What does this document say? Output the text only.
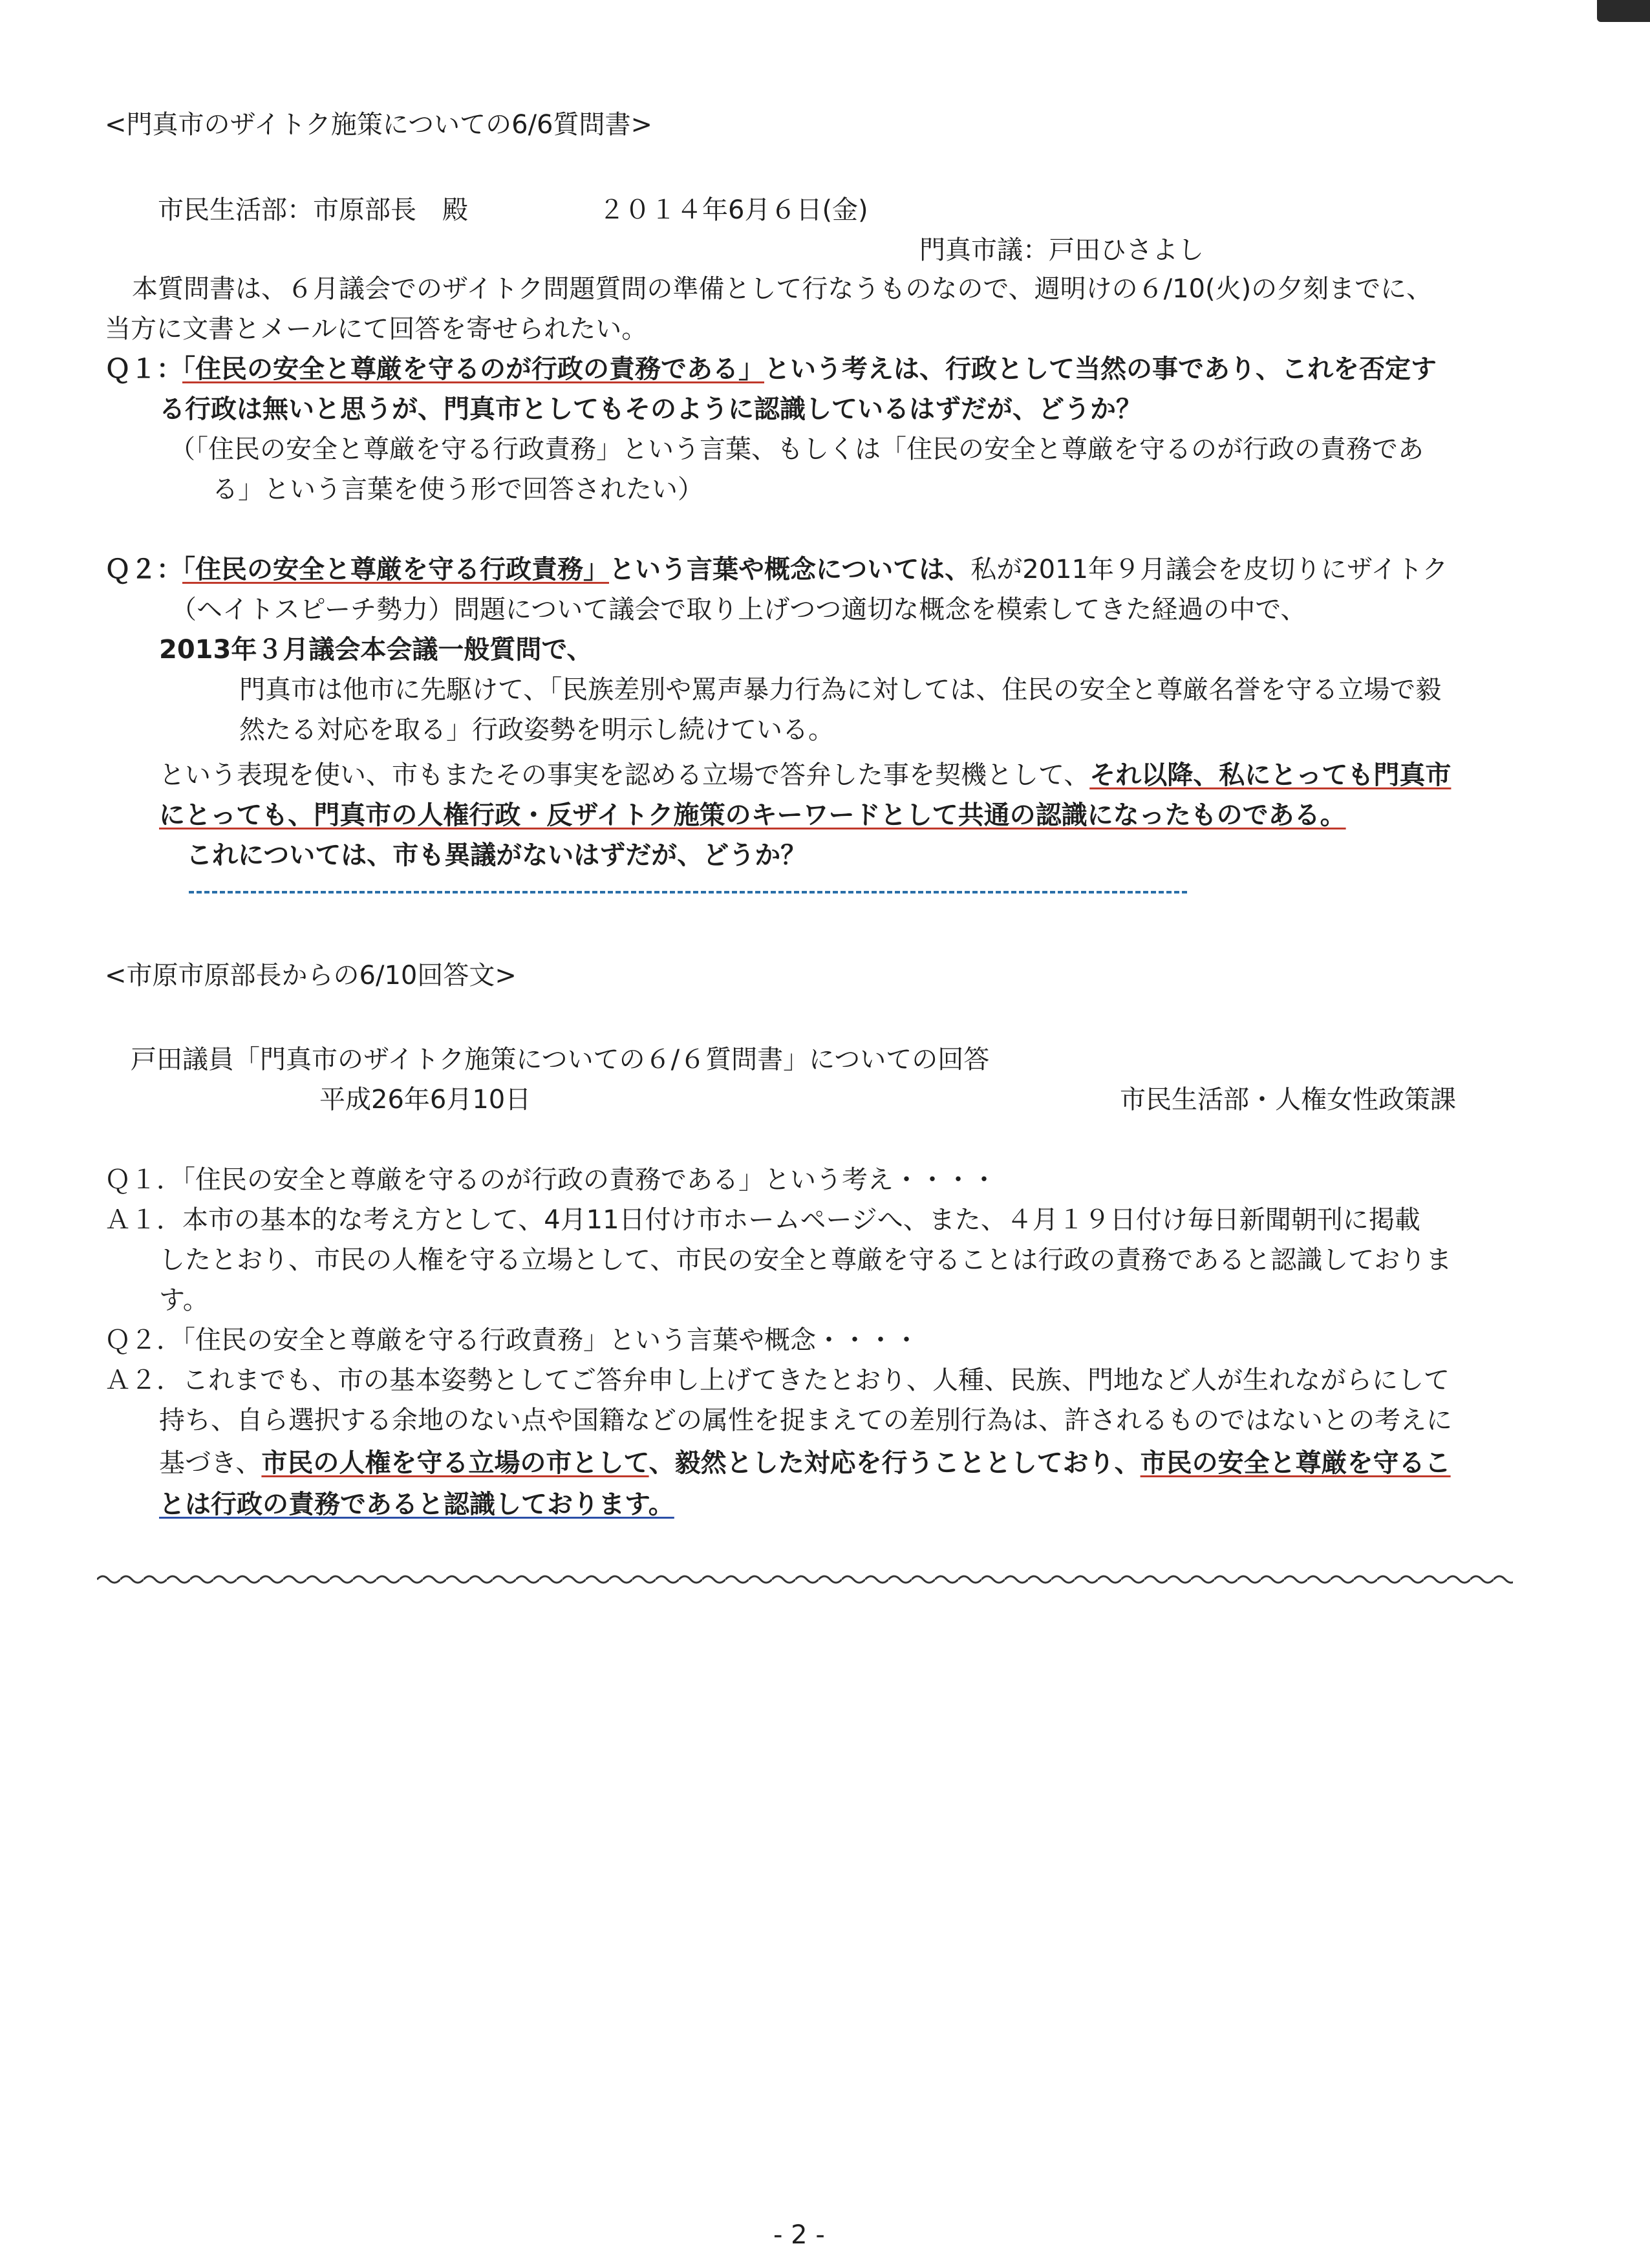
<門真市のザイトク施策についての6/6質問書>
市民生活部：市原部長　殿	２０１４年6月６日(金)
門真市議：戸田ひさよし
本質問書は、６月議会でのザイトク問題質問の準備として行なうものなので、週明けの６/10(火)の夕刻までに、
当方に文書とメールにて回答を寄せられたい。
Ｑ１：「住民の安全と尊厳を守るのが行政の責務である」という考えは、行政として当然の事であり、これを否定す
る行政は無いと思うが、門真市としてもそのように認識しているはずだが、どうか？
（「住民の安全と尊厳を守る行政責務」という言葉、もしくは「住民の安全と尊厳を守るのが行政の責務であ
る」という言葉を使う形で回答されたい）
Ｑ２：「住民の安全と尊厳を守る行政責務」という言葉や概念については、私が2011年９月議会を皮切りにザイトク
（ヘイトスピーチ勢力）問題について議会で取り上げつつ適切な概念を模索してきた経過の中で、
2013年３月議会本会議一般質問で、
門真市は他市に先駆けて、「民族差別や罵声暴力行為に対しては、住民の安全と尊厳名誉を守る立場で毅
然たる対応を取る」行政姿勢を明示し続けている。
という表現を使い、市もまたその事実を認める立場で答弁した事を契機として、それ以降、私にとっても門真市
にとっても、門真市の人権行政・反ザイトク施策のキーワードとして共通の認識になったものである。
これについては、市も異議がないはずだが、どうか？
<市原市原部長からの6/10回答文>
戸田議員「門真市のザイトク施策についての６/６質問書」についての回答
平成26年6月10日	市民生活部・人権女性政策課
Ｑ１．「住民の安全と尊厳を守るのが行政の責務である」という考え・・・・
Ａ１．本市の基本的な考え方として、4月11日付け市ホームページへ、また、４月１９日付け毎日新聞朝刊に掲載
したとおり、市民の人権を守る立場として、市民の安全と尊厳を守ることは行政の責務であると認識しておりま
す。
Ｑ２．「住民の安全と尊厳を守る行政責務」という言葉や概念・・・・
Ａ２．これまでも、市の基本姿勢としてご答弁申し上げてきたとおり、人種、民族、門地など人が生れながらにして
持ち、自ら選択する余地のない点や国籍などの属性を捉まえての差別行為は、許されるものではないとの考えに
基づき、市民の人権を守る立場の市として、毅然とした対応を行うこととしており、市民の安全と尊厳を守るこ
とは行政の責務であると認識しております。
- 2 -
